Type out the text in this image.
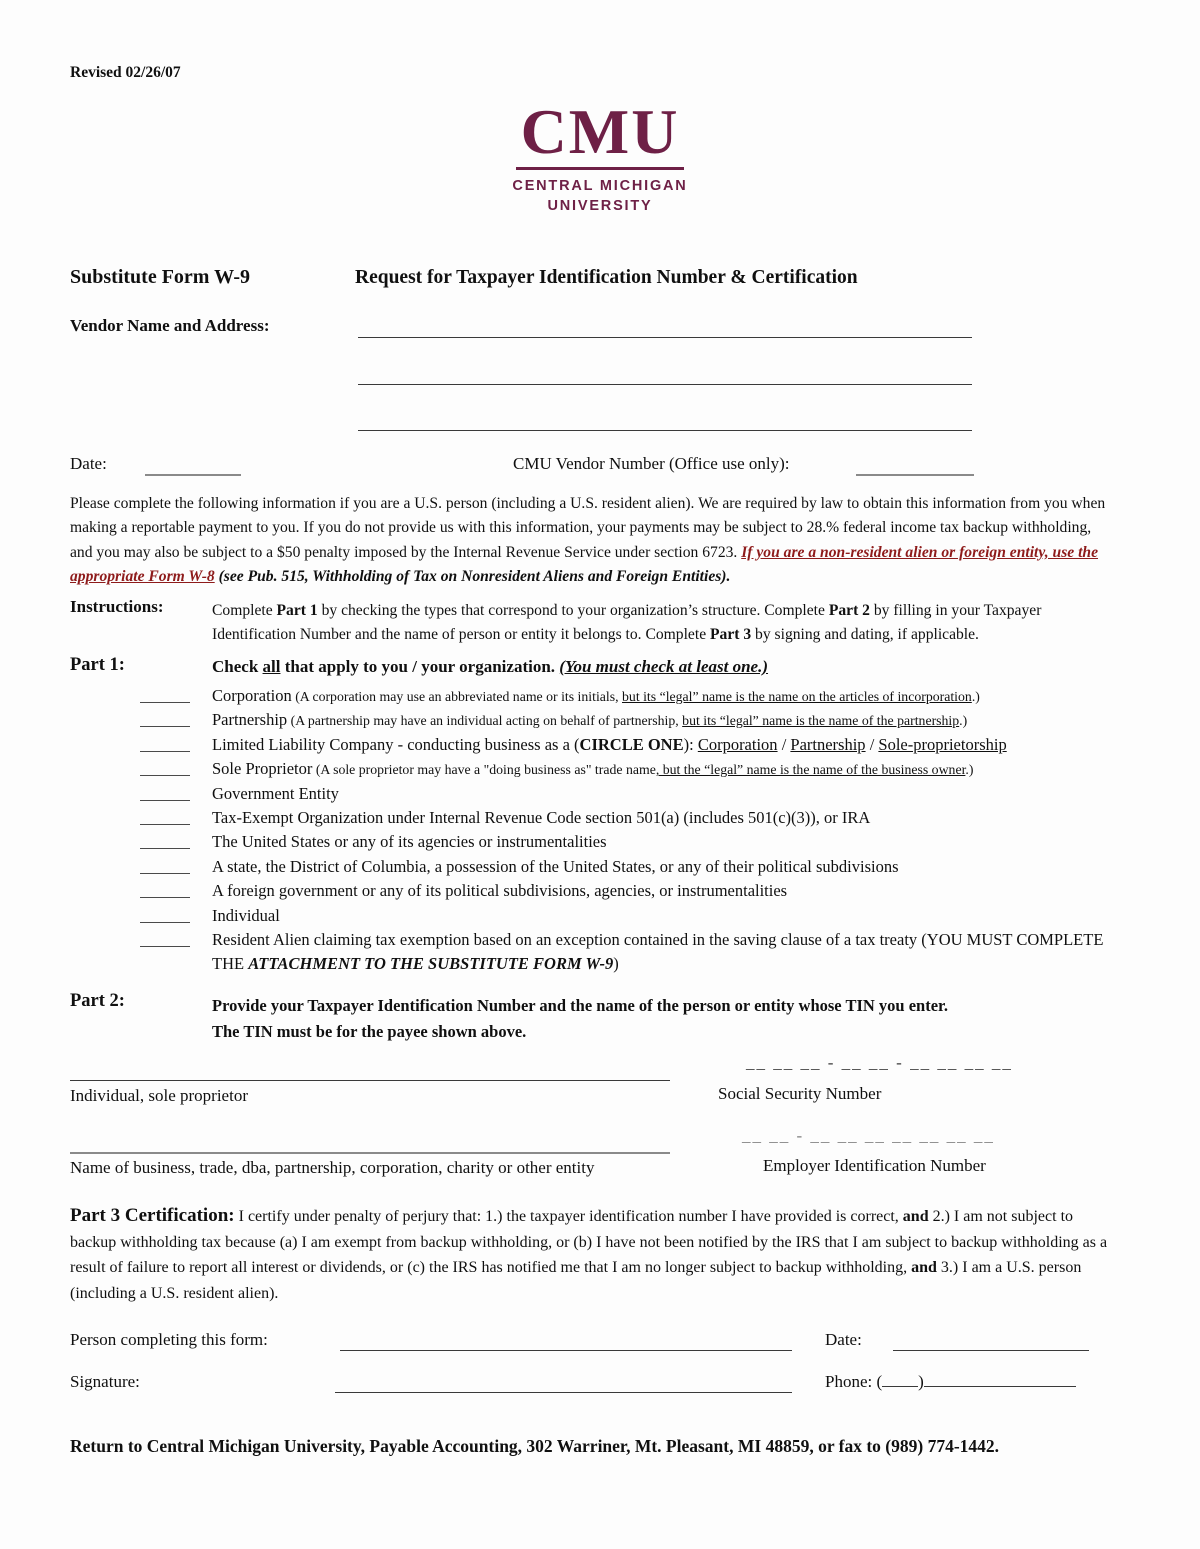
Revised 02/26/07
CMU
CENTRAL MICHIGAN
UNIVERSITY
Substitute Form W-9	Request for Taxpayer Identification Number & Certification
Vendor Name and Address:
Date:	CMU Vendor Number (Office use only):
Please complete the following information if you are a U.S. person (including a U.S. resident alien). We are required by law to obtain this information from you when making a reportable payment to you. If you do not provide us with this information, your payments may be subject to 28.% federal income tax backup withholding, and you may also be subject to a $50 penalty imposed by the Internal Revenue Service under section 6723. If you are a non-resident alien or foreign entity, use the appropriate Form W-8 (see Pub. 515, Withholding of Tax on Nonresident Aliens and Foreign Entities).
Instructions:	Complete Part 1 by checking the types that correspond to your organization’s structure. Complete Part 2 by filling in your Taxpayer Identification Number and the name of person or entity it belongs to. Complete Part 3 by signing and dating, if applicable.
Part 1:	Check all that apply to you / your organization. (You must check at least one.)
Corporation (A corporation may use an abbreviated name or its initials, but its “legal” name is the name on the articles of incorporation.)
Partnership (A partnership may have an individual acting on behalf of partnership, but its “legal” name is the name of the partnership.)
Limited Liability Company - conducting business as a (CIRCLE ONE): Corporation / Partnership / Sole-proprietorship
Sole Proprietor (A sole proprietor may have a "doing business as" trade name, but the “legal” name is the name of the business owner.)
Government Entity
Tax-Exempt Organization under Internal Revenue Code section 501(a) (includes 501(c)(3)), or IRA
The United States or any of its agencies or instrumentalities
A state, the District of Columbia, a possession of the United States, or any of their political subdivisions
A foreign government or any of its political subdivisions, agencies, or instrumentalities
Individual
Resident Alien claiming tax exemption based on an exception contained in the saving clause of a tax treaty (YOU MUST COMPLETE THE ATTACHMENT TO THE SUBSTITUTE FORM W-9)
Part 2:	Provide your Taxpayer Identification Number and the name of the person or entity whose TIN you enter.
The TIN must be for the payee shown above.
__ __ __ - __ __ - __ __ __ __
Individual, sole proprietor	Social Security Number
__ __ - __ __ __ __ __ __ __
Name of business, trade, dba, partnership, corporation, charity or other entity	Employer Identification Number
Part 3 Certification: I certify under penalty of perjury that: 1.) the taxpayer identification number I have provided is correct, and 2.) I am not subject to backup withholding tax because (a) I am exempt from backup withholding, or (b) I have not been notified by the IRS that I am subject to backup withholding as a result of failure to report all interest or dividends, or (c) the IRS has notified me that I am no longer subject to backup withholding, and 3.) I am a U.S. person (including a U.S. resident alien).
Person completing this form:	Date:
Signature:	Phone: ( )
Return to Central Michigan University, Payable Accounting, 302 Warriner, Mt. Pleasant, MI 48859, or fax to (989) 774-1442.
